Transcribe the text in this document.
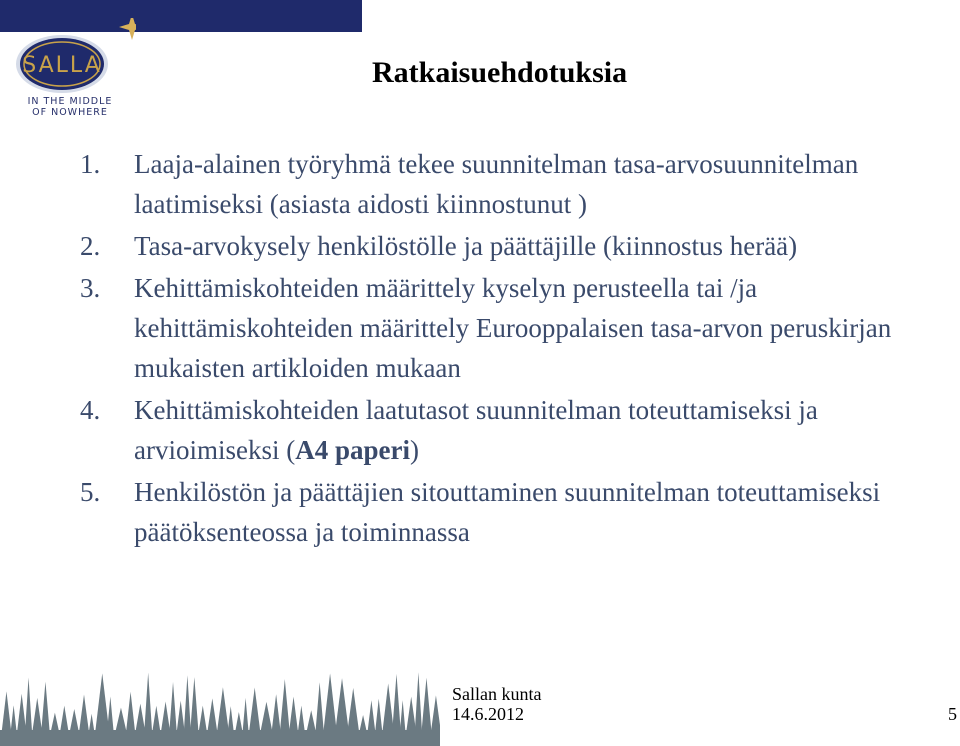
SALLA
IN THE MIDDLE
OF NOWHERE
Ratkaisuehdotuksia
1. Laaja-alainen työryhmä tekee suunnitelman tasa-arvosuunnitelman laatimiseksi (asiasta aidosti kiinnostunut )
2. Tasa-arvokysely henkilöstölle ja päättäjille (kiinnostus herää)
3. Kehittämiskohteiden määrittely kyselyn perusteella tai /ja kehittämiskohteiden määrittely Eurooppalaisen tasa-arvon peruskirjan mukaisten artikloiden mukaan
4. Kehittämiskohteiden laatutasot suunnitelman toteuttamiseksi ja arvioimiseksi (A4 paperi)
5. Henkilöstön ja päättäjien sitouttaminen suunnitelman toteuttamiseksi päätöksenteossa ja toiminnassa
Sallan kunta
14.6.2012	5
